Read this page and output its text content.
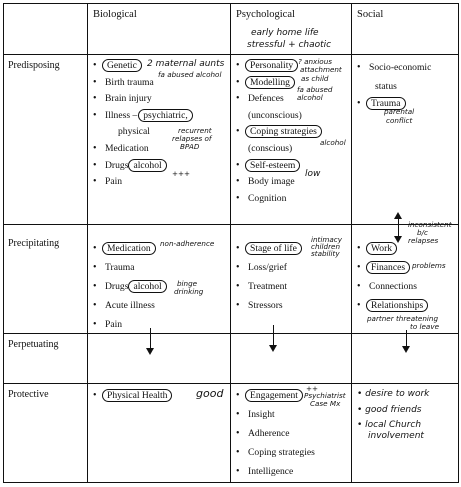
Biological	Psychological	Social
Predisposing
Precipitating
Perpetuating
Protective
• Genetic
• Birth trauma
• Brain injury
• Illness – psychiatric,
physical
• Medication
• Drugs alcohol
• Pain
• Personality
• Modelling
• Defences
(unconscious)
• Coping strategies
(conscious)
• Self-esteem
• Body image
• Cognition
• Socio-economic
status
• Trauma
• Medication
• Trauma
• Drugs alcohol
• Acute illness
• Pain
• Stage of life
• Loss/grief
• Treatment
• Stressors
• Work
• Finances
• Connections
• Relationships
• Physical Health
•	Engagement
• Insight
• Adherence
• Coping strategies
• Intelligence
early home life
stressful + chaotic
2 maternal aunts
fa abused alcohol
? anxious
attachment
as child
fa abused alcohol
recurrent
relapses of
BPAD
+++
alcohol
low
parental
conflict
non-adherence	intimacy
children
stability
binge
drinking
inconsistent
b/c
relapses
problems
partner threatening
to leave
good	++
Psychiatrist
Case Mx
• desire to work
• good friends
• local Church
involvement
